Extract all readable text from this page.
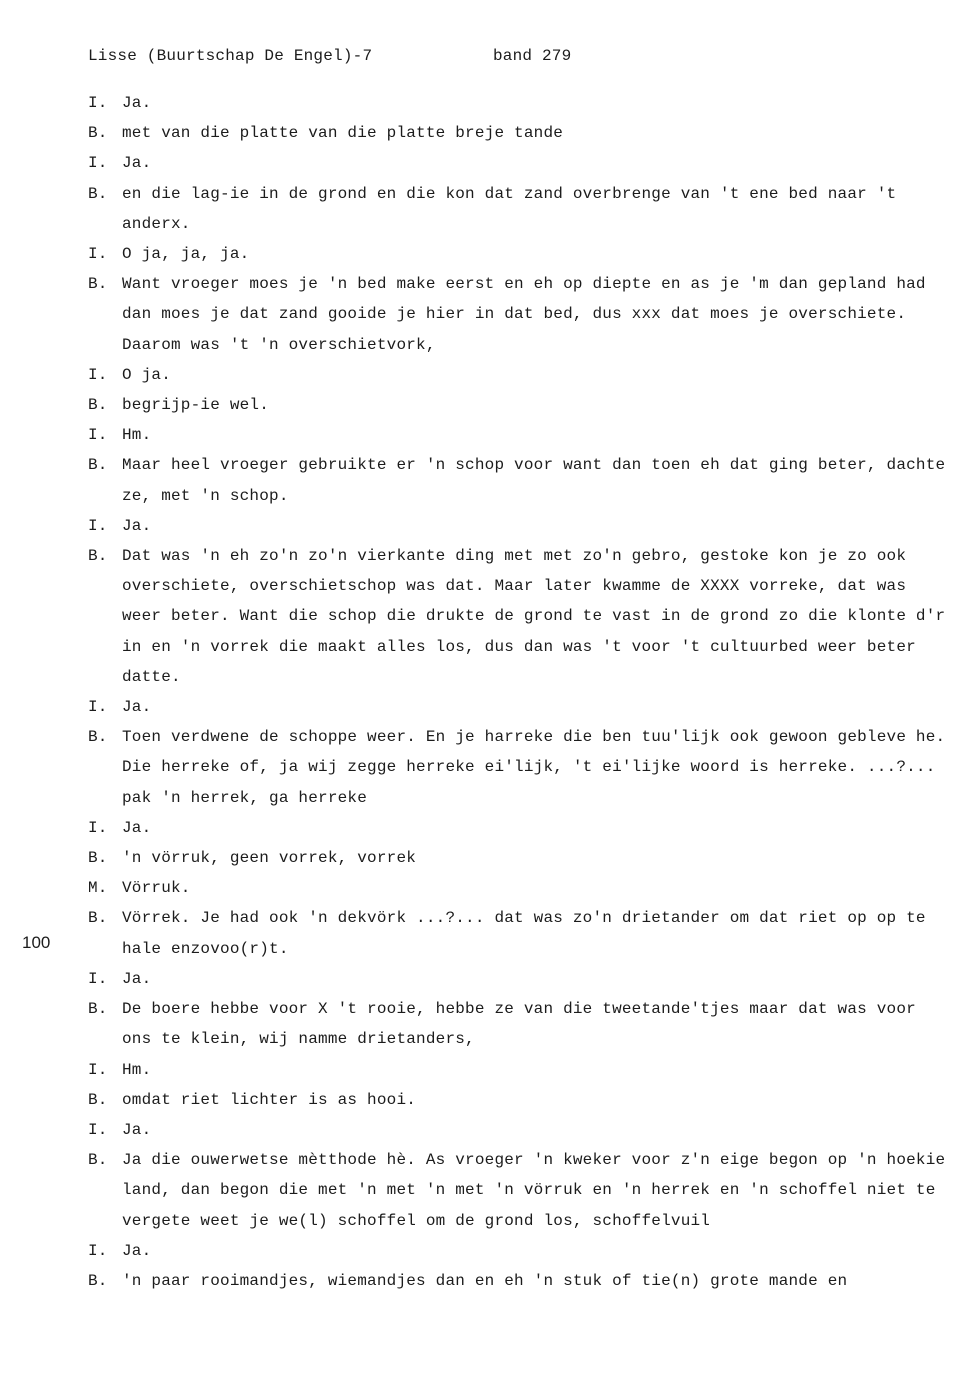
Lisse (Buurtschap De Engel)-7	band 279
100
I. Ja.
B. met van die platte van die platte breje tande
I. Ja.
B. en die lag-ie in de grond en die kon dat zand overbrenge van 't ene bed naar 't anderx.
I. O ja, ja, ja.
B. Want vroeger moes je 'n bed make eerst en eh op diepte en as je 'm dan gepland had dan moes je dat zand gooide je hier in dat bed, dus xxx dat moes je overschiete. Daarom was 't 'n overschietvork,
I. O ja.
B. begrijp-ie wel.
I. Hm.
B. Maar heel vroeger gebruikte er 'n schop voor want dan toen eh dat ging beter, dachte ze, met 'n schop.
I. Ja.
B. Dat was 'n eh zo'n zo'n vierkante ding met met zo'n gebro, gestoke kon je zo ook overschiete, overschietschop was dat. Maar later kwamme de XXXX vorreke, dat was weer beter. Want die schop die drukte de grond te vast in de grond zo die klonte d'r in en 'n vorrek die maakt alles los, dus dan was 't voor 't cultuurbed weer beter datte.
I. Ja.
B. Toen verdwene de schoppe weer. En je harreke die ben tuu'lijk ook gewoon gebleve he. Die herreke of, ja wij zegge herreke ei'lijk, 't ei'lijke woord is herreke. ...?... pak 'n herrek, ga herreke
I. Ja.
B. 'n vörruk, geen vorrek, vorrek
M. Vörruk.
B. Vörrek. Je had ook 'n dekvörk ...?... dat was zo'n drietander om dat riet op op te hale enzovoo(r)t.
I. Ja.
B. De boere hebbe voor X 't rooie, hebbe ze van die tweetande'tjes maar dat was voor ons te klein, wij namme drietanders,
I. Hm.
B. omdat riet lichter is as hooi.
I. Ja.
B. Ja die ouwerwetse mètthode hè. As vroeger 'n kweker voor z'n eige begon op 'n hoekie land, dan begon die met 'n met 'n met 'n vörruk en 'n herrek en 'n schoffel niet te vergete weet je we(l) schoffel om de grond los, schoffelvuil
I. Ja.
B. 'n paar rooimandjes, wiemandjes dan en eh 'n stuk of tie(n) grote mande en
